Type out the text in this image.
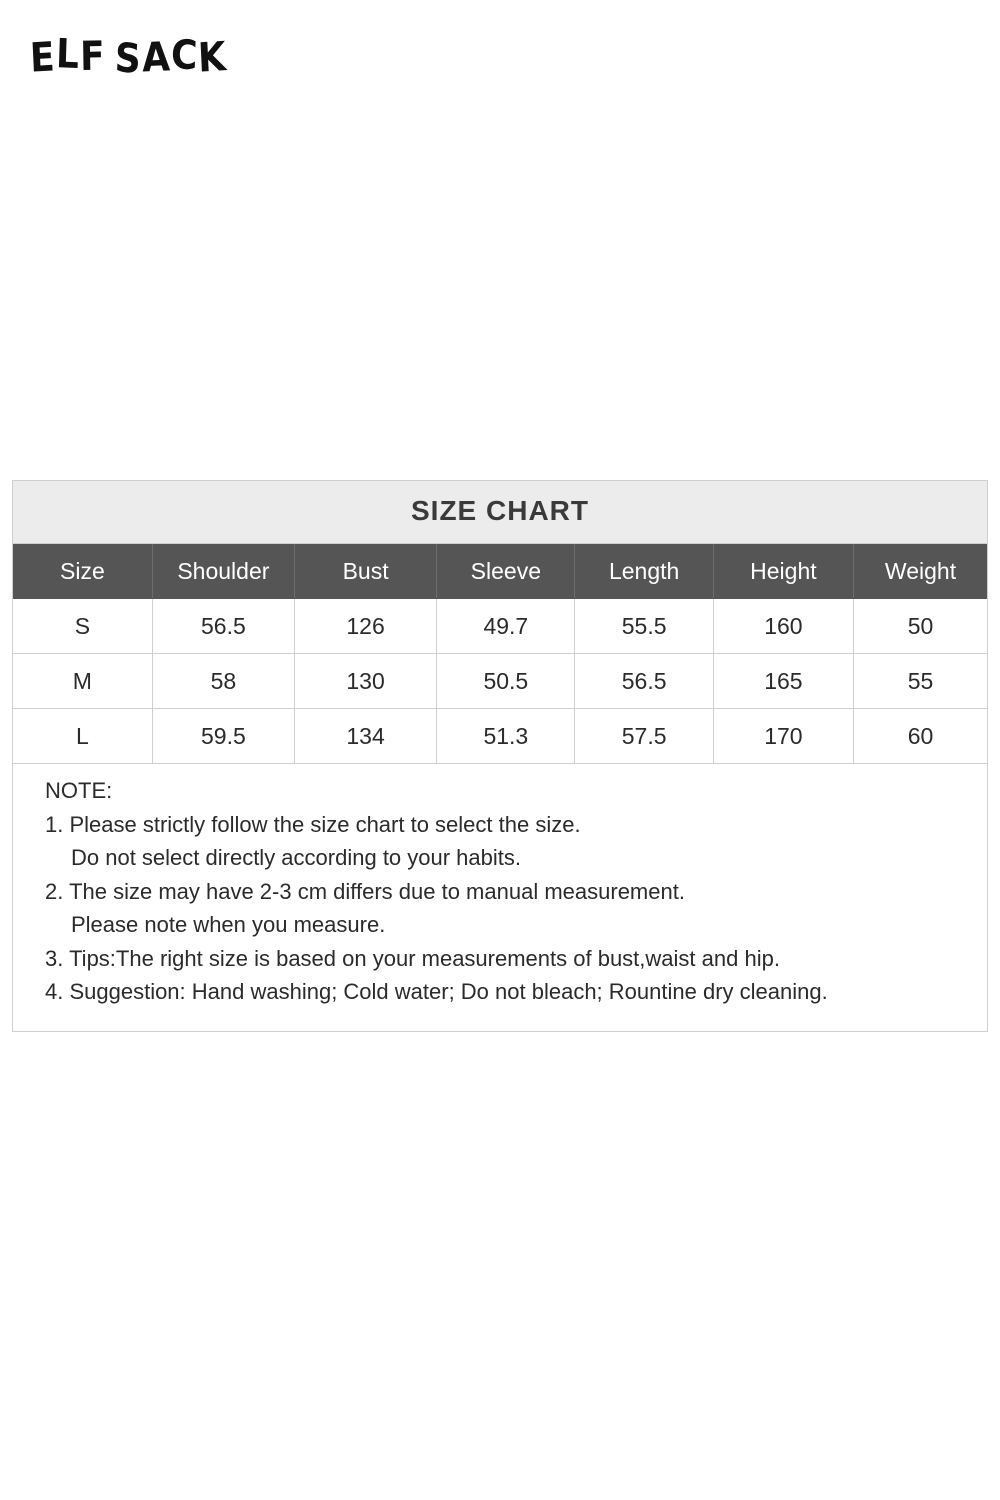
ELF SACK
SIZE CHART
Size	Shoulder	Bust	Sleeve	Length	Height	Weight
S	56.5	126	49.7	55.5	160	50
M	58	130	50.5	56.5	165	55
L	59.5	134	51.3	57.5	170	60
NOTE:
1. Please strictly follow the size chart to select the size.
Do not select directly according to your habits.
2. The size may have 2-3 cm differs due to manual measurement.
Please note when you measure.
3. Tips:The right size is based on your measurements of bust,waist and hip.
4. Suggestion: Hand washing; Cold water; Do not bleach; Rountine dry cleaning.
